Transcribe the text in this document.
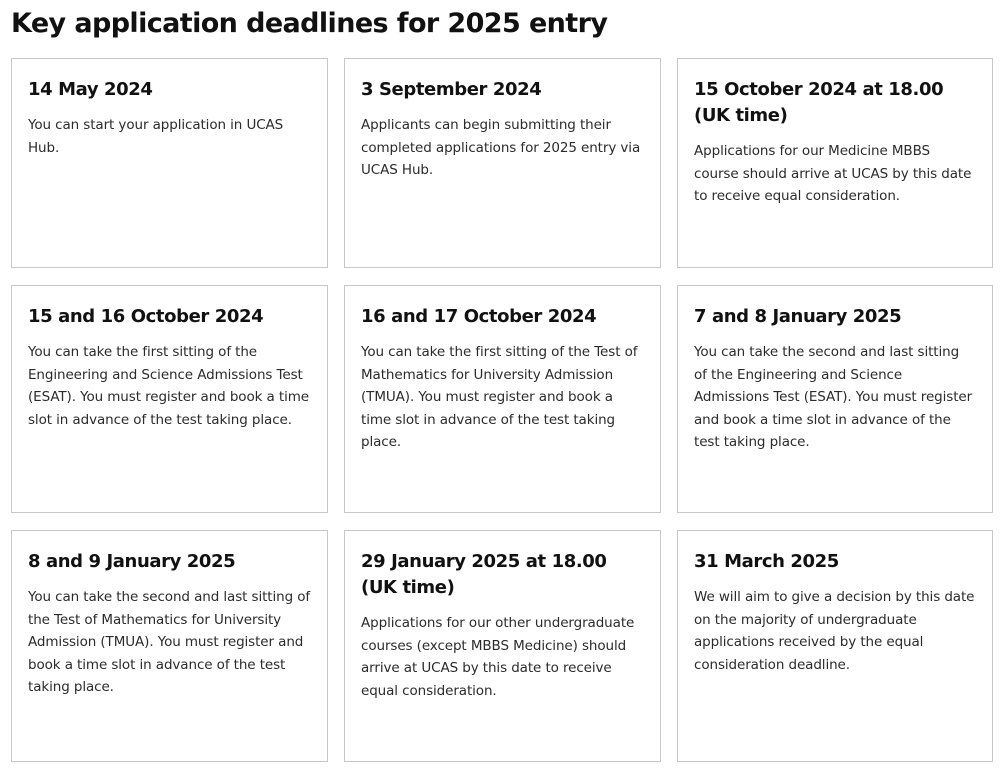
Key application deadlines for 2025 entry
14 May 2024

You can start your application in UCAS Hub.

3 September 2024

Applicants can begin submitting their completed applications for 2025 entry via UCAS Hub.

15 October 2024 at 18.00 (UK time)

Applications for our Medicine MBBS course should arrive at UCAS by this date to receive equal consideration.

15 and 16 October 2024

You can take the first sitting of the Engineering and Science Admissions Test (ESAT). You must register and book a time slot in advance of the test taking place.

16 and 17 October 2024

You can take the first sitting of the Test of Mathematics for University Admission (TMUA). You must register and book a time slot in advance of the test taking place.

7 and 8 January 2025

You can take the second and last sitting of the Engineering and Science Admissions Test (ESAT). You must register and book a time slot in advance of the test taking place.

8 and 9 January 2025

You can take the second and last sitting of the Test of Mathematics for University Admission (TMUA). You must register and book a time slot in advance of the test taking place.

29 January 2025 at 18.00 (UK time)

Applications for our other undergraduate courses (except MBBS Medicine) should arrive at UCAS by this date to receive equal consideration.

31 March 2025

We will aim to give a decision by this date on the majority of undergraduate applications received by the equal consideration deadline.
